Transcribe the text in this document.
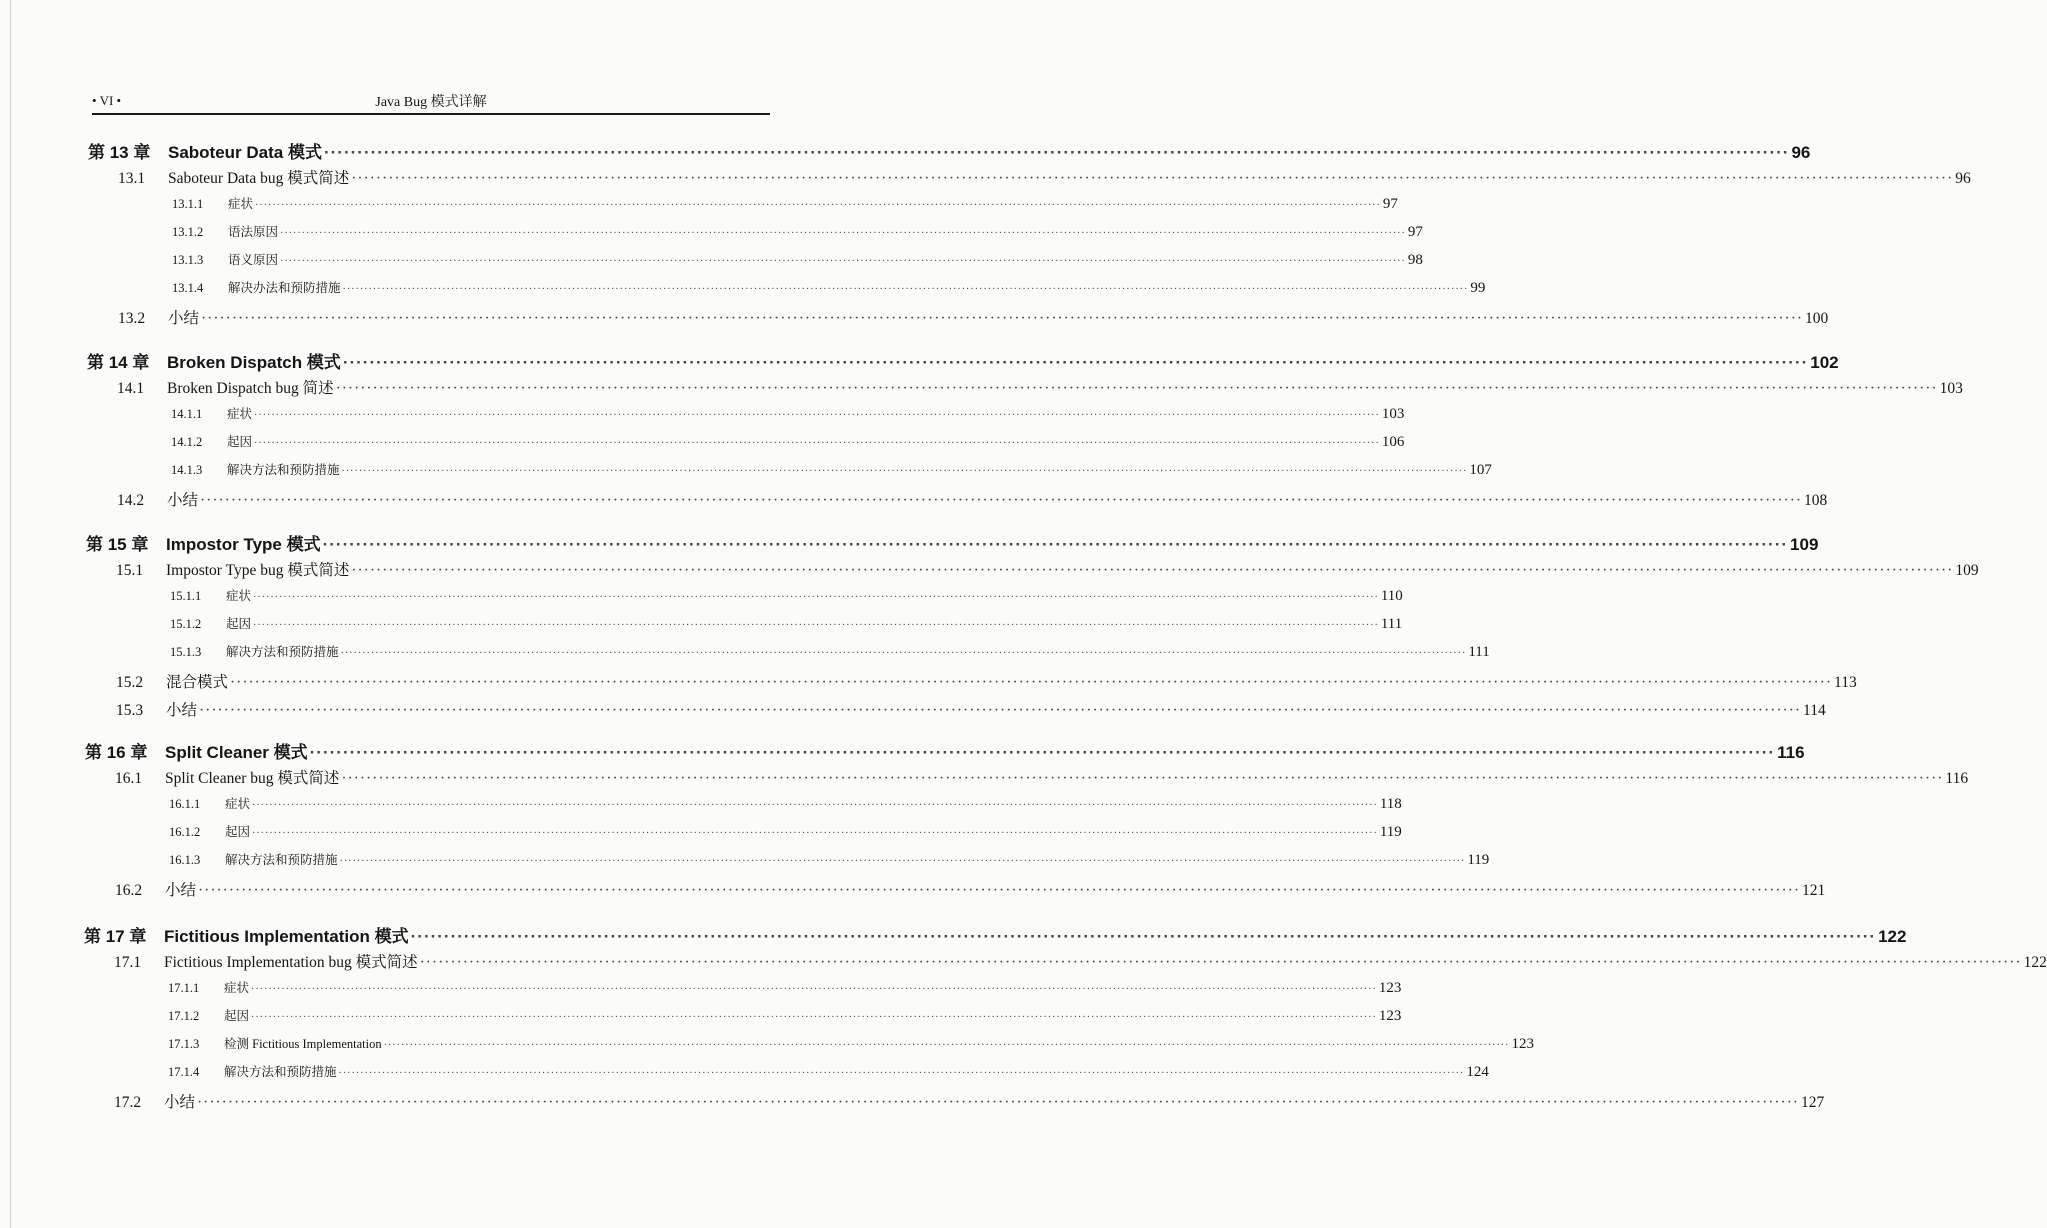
• VI •	Java Bug 模式详解
第 13 章	Saboteur Data 模式 ···························································································································································································································· 96
13.1	Saboteur Data bug 模式简述 ···································································································································································································································································· 96
13.1.1	症状 ···································································································································································································································································· 97
13.1.2	语法原因 ···································································································································································································································································· 97
13.1.3	语义原因 ···································································································································································································································································· 98
13.1.4	解决办法和预防措施 ···································································································································································································································································· 99
13.2	小结 ···································································································································································································································································· 100
第 14 章	Broken Dispatch 模式 ···························································································································································································································· 102
14.1	Broken Dispatch bug 简述 ···································································································································································································································································· 103
14.1.1	症状 ···································································································································································································································································· 103
14.1.2	起因 ···································································································································································································································································· 106
14.1.3	解决方法和预防措施 ···································································································································································································································································· 107
14.2	小结 ···································································································································································································································································· 108
第 15 章	Impostor Type 模式 ···························································································································································································································· 109
15.1	Impostor Type bug 模式简述 ···································································································································································································································································· 109
15.1.1	症状 ···································································································································································································································································· 110
15.1.2	起因 ···································································································································································································································································· 111
15.1.3	解决方法和预防措施 ···································································································································································································································································· 111
15.2	混合模式 ···································································································································································································································································· 113
15.3	小结 ···································································································································································································································································· 114
第 16 章	Split Cleaner 模式 ···························································································································································································································· 116
16.1	Split Cleaner bug 模式简述 ···································································································································································································································································· 116
16.1.1	症状 ···································································································································································································································································· 118
16.1.2	起因 ···································································································································································································································································· 119
16.1.3	解决方法和预防措施 ···································································································································································································································································· 119
16.2	小结 ···································································································································································································································································· 121
第 17 章	Fictitious Implementation 模式 ···························································································································································································································· 122
17.1	Fictitious Implementation bug 模式简述 ···································································································································································································································································· 122
17.1.1	症状 ···································································································································································································································································· 123
17.1.2	起因 ···································································································································································································································································· 123
17.1.3	检测 Fictitious Implementation ···································································································································································································································································· 123
17.1.4	解决方法和预防措施 ···································································································································································································································································· 124
17.2	小结 ···································································································································································································································································· 127
